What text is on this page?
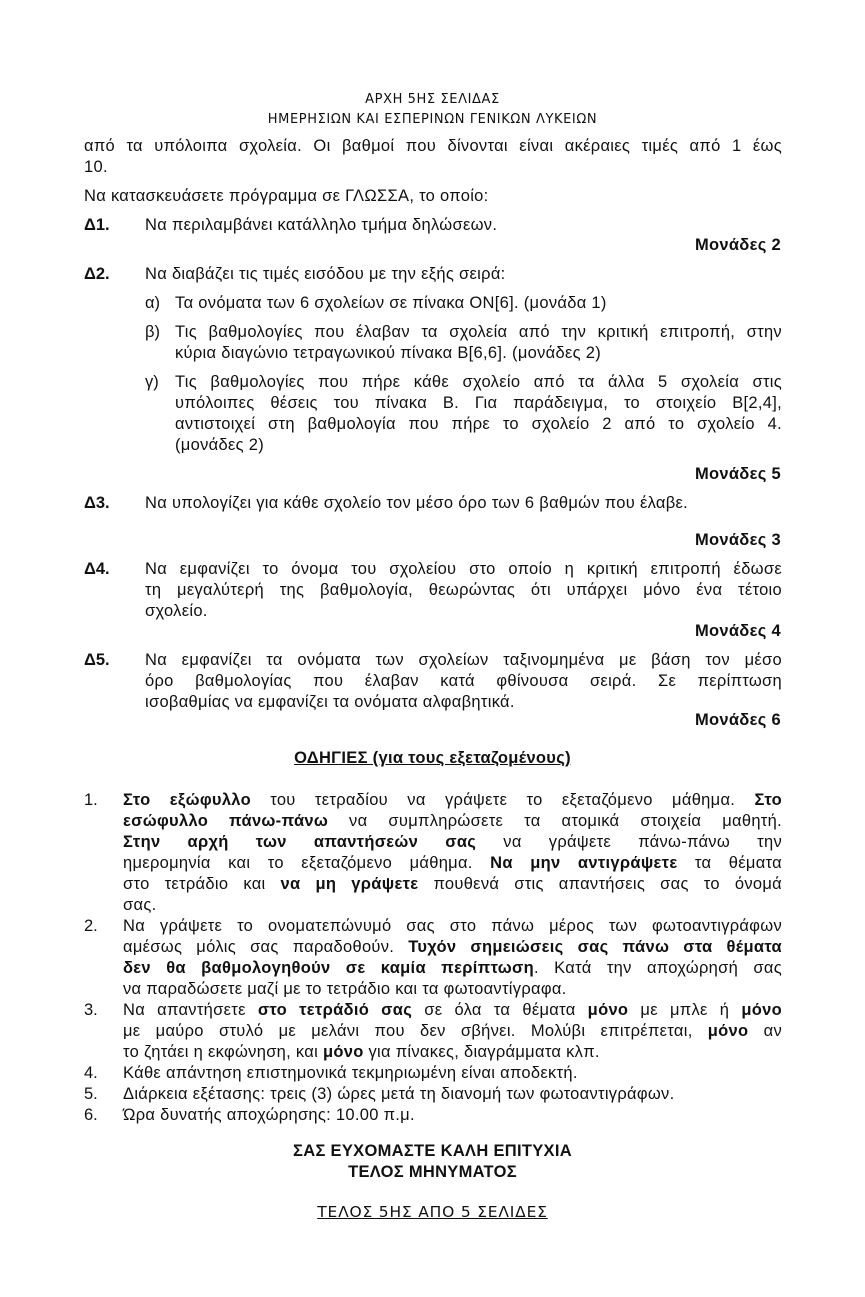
ΑΡΧΗ 5ΗΣ ΣΕΛΙΔΑΣ
ΗΜΕΡΗΣΙΩΝ ΚΑΙ ΕΣΠΕΡΙΝΩΝ ΓΕΝΙΚΩΝ ΛΥΚΕΙΩΝ
από τα υπόλοιπα σχολεία. Οι βαθμοί που δίνονται είναι ακέραιες τιμές από 1 έως
10.
Να κατασκευάσετε πρόγραμμα σε ΓΛΩΣΣΑ, το οποίο:
Δ1. Να περιλαμβάνει κατάλληλο τμήμα δηλώσεων.
Μονάδες 2
Δ2. Να διαβάζει τις τιμές εισόδου με την εξής σειρά:
α) Τα ονόματα των 6 σχολείων σε πίνακα ΟΝ[6]. (μονάδα 1)
β) Τις βαθμολογίες που έλαβαν τα σχολεία από την κριτική επιτροπή, στην
κύρια διαγώνιο τετραγωνικού πίνακα Β[6,6]. (μονάδες 2)
γ) Τις βαθμολογίες που πήρε κάθε σχολείο από τα άλλα 5 σχολεία στις
υπόλοιπες θέσεις του πίνακα Β. Για παράδειγμα, το στοιχείο Β[2,4],
αντιστοιχεί στη βαθμολογία που πήρε το σχολείο 2 από το σχολείο 4.
(μονάδες 2)
Μονάδες 5
Δ3. Να υπολογίζει για κάθε σχολείο τον μέσο όρο των 6 βαθμών που έλαβε.
Μονάδες 3
Δ4. Να εμφανίζει το όνομα του σχολείου στο οποίο η κριτική επιτροπή έδωσε
τη μεγαλύτερή της βαθμολογία, θεωρώντας ότι υπάρχει μόνο ένα τέτοιο
σχολείο.
Μονάδες 4
Δ5. Να εμφανίζει τα ονόματα των σχολείων ταξινομημένα με βάση τον μέσο
όρο βαθμολογίας που έλαβαν κατά φθίνουσα σειρά. Σε περίπτωση
ισοβαθμίας να εμφανίζει τα ονόματα αλφαβητικά.
Μονάδες 6
ΟΔΗΓΙΕΣ (για τους εξεταζομένους)
1. Στο εξώφυλλο του τετραδίου να γράψετε το εξεταζόμενο μάθημα. Στο
εσώφυλλο πάνω-πάνω να συμπληρώσετε τα ατομικά στοιχεία μαθητή.
Στην αρχή των απαντήσεών σας να γράψετε πάνω-πάνω την
ημερομηνία και το εξεταζόμενο μάθημα. Να μην αντιγράψετε τα θέματα
στο τετράδιο και να μη γράψετε πουθενά στις απαντήσεις σας το όνομά
σας.
2. Να γράψετε το ονοματεπώνυμό σας στο πάνω μέρος των φωτοαντιγράφων
αμέσως μόλις σας παραδοθούν. Τυχόν σημειώσεις σας πάνω στα θέματα
δεν θα βαθμολογηθούν σε καμία περίπτωση. Κατά την αποχώρησή σας
να παραδώσετε μαζί με το τετράδιο και τα φωτοαντίγραφα.
3. Να απαντήσετε στο τετράδιό σας σε όλα τα θέματα μόνο με μπλε ή μόνο
με μαύρο στυλό με μελάνι που δεν σβήνει. Μολύβι επιτρέπεται, μόνο αν
το ζητάει η εκφώνηση, και μόνο για πίνακες, διαγράμματα κλπ.
4. Κάθε απάντηση επιστημονικά τεκμηριωμένη είναι αποδεκτή.
5. Διάρκεια εξέτασης: τρεις (3) ώρες μετά τη διανομή των φωτοαντιγράφων.
6. Ώρα δυνατής αποχώρησης: 10.00 π.μ.
ΣΑΣ ΕΥΧΟΜΑΣΤΕ ΚΑΛΗ ΕΠΙΤΥΧΙΑ
ΤΕΛΟΣ ΜΗΝΥΜΑΤΟΣ
ΤΕΛΟΣ 5ΗΣ ΑΠΟ 5 ΣΕΛΙΔΕΣ
